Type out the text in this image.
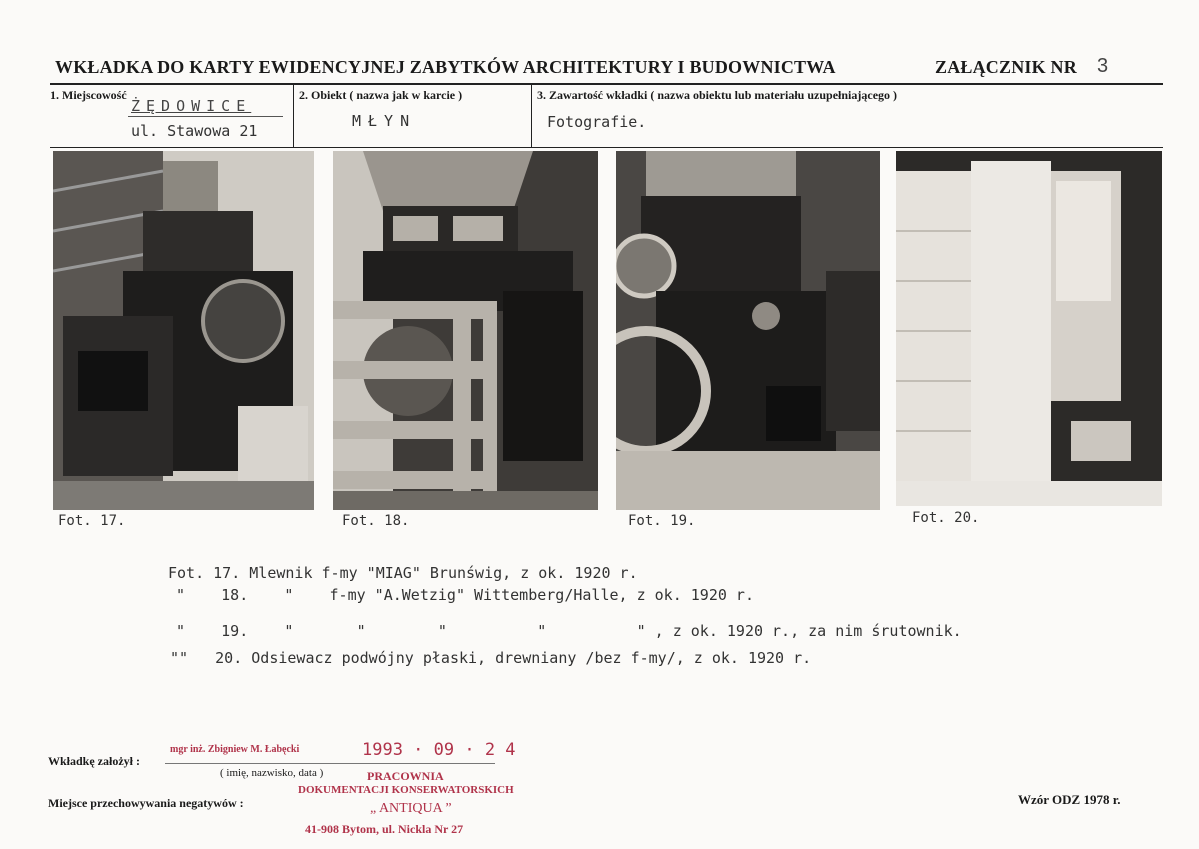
WKŁADKA DO KARTY EWIDENCYJNEJ ZABYTKÓW ARCHITEKTURY I BUDOWNICTWA	ZAŁĄCZNIK NR 3
1. Miejscowość
ŻĘDOWICE
ul. Stawowa 21
2. Obiekt ( nazwa jak w karcie )
MŁYN
3. Zawartość wkładki ( nazwa obiektu lub materiału uzupełniającego )
Fotografie.
Fot. 17.	Fot. 18.	Fot. 19.	Fot. 20.
Fot. 17. Mlewnik f-my "MIAG" Brunświg, z ok. 1920 r.
"    18.    "    f-my "A.Wetzig" Wittemberg/Halle, z ok. 1920 r.
"    19.    "       "        "          "          " , z ok. 1920 r., za nim śrutownik.
""   20. Odsiewacz podwójny płaski, drewniany /bez f-my/, z ok. 1920 r.
Wkładkę założył :
mgr inż. Zbigniew M. Łabęcki	1993 · 09 · 2 4
( imię, nazwisko, data )
Miejsce przechowywania negatywów :
PRACOWNIA
DOKUMENTACJI KONSERWATORSKICH
„ ANTIQUA ”
41-908 Bytom, ul. Nickla Nr 27
Wzór ODZ 1978 r.
